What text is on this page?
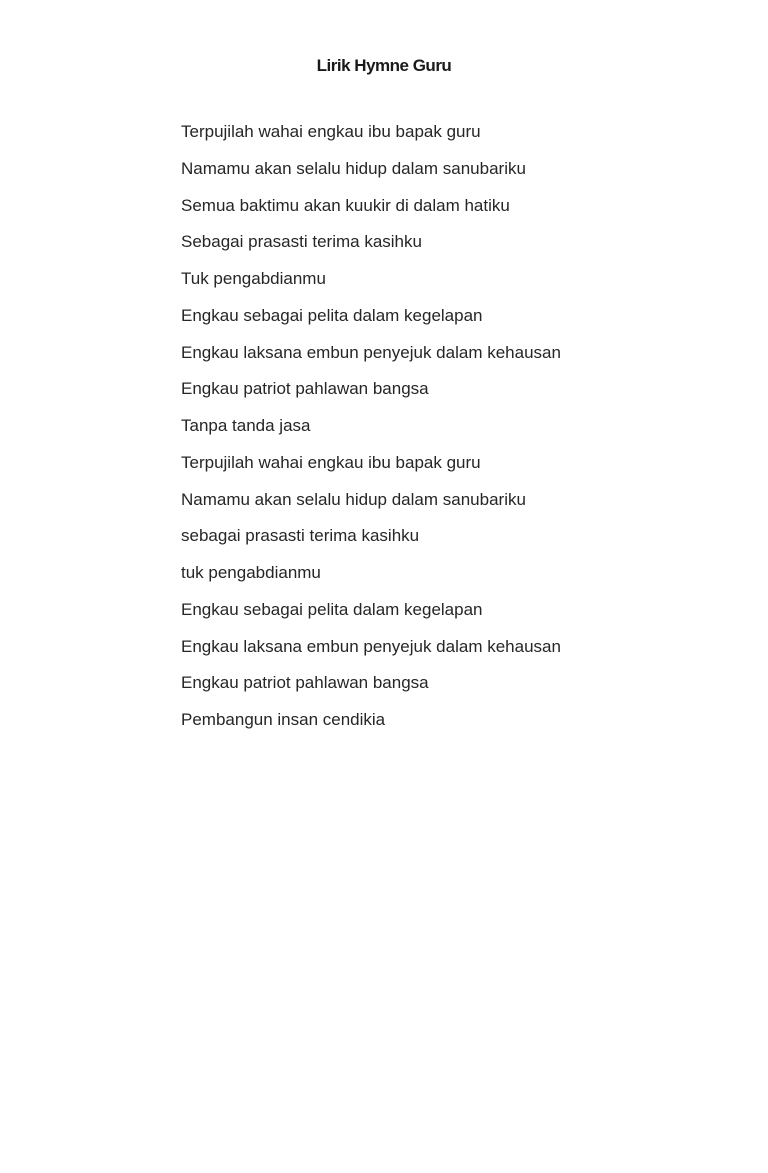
Lirik Hymne Guru
Terpujilah wahai engkau ibu bapak guru
Namamu akan selalu hidup dalam sanubariku
Semua baktimu akan kuukir di dalam hatiku
Sebagai prasasti terima kasihku
Tuk pengabdianmu
Engkau sebagai pelita dalam kegelapan
Engkau laksana embun penyejuk dalam kehausan
Engkau patriot pahlawan bangsa
Tanpa tanda jasa
Terpujilah wahai engkau ibu bapak guru
Namamu akan selalu hidup dalam sanubariku
sebagai prasasti terima kasihku
tuk pengabdianmu
Engkau sebagai pelita dalam kegelapan
Engkau laksana embun penyejuk dalam kehausan
Engkau patriot pahlawan bangsa
Pembangun insan cendikia
